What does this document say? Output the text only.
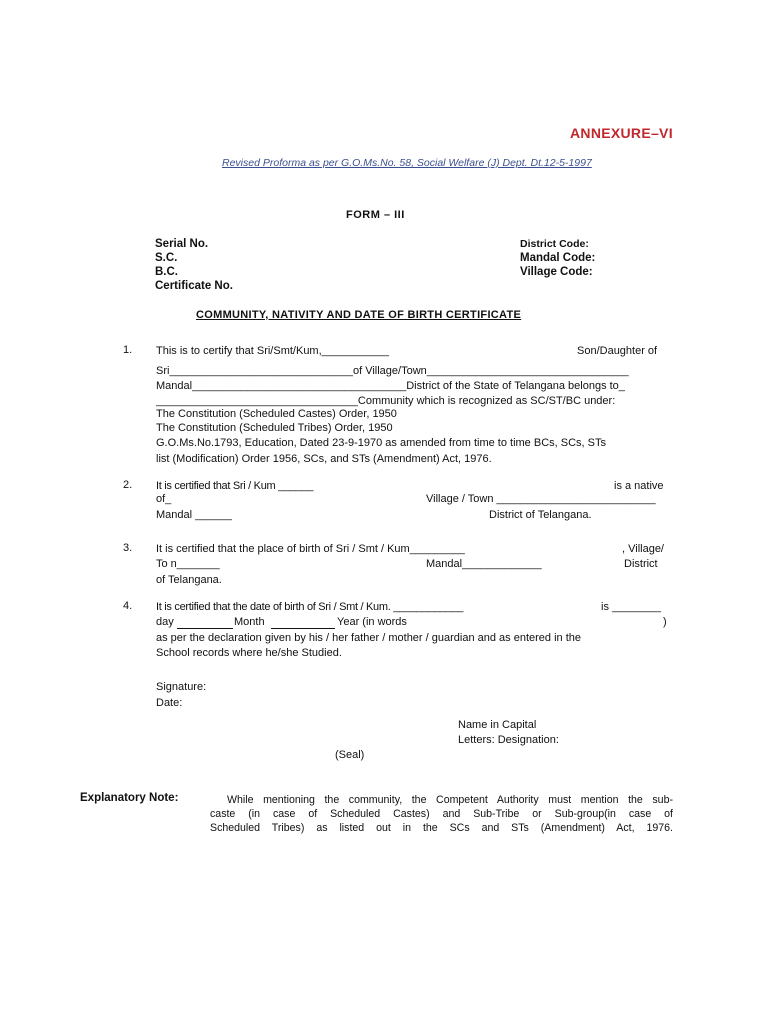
ANNEXURE–VI
Revised Proforma as per G.O.Ms.No. 58, Social Welfare (J) Dept. Dt.12-5-1997
FORM – III
Serial No.
S.C.
B.C.
Certificate No.
District Code:
Mandal Code:
Village Code:
COMMUNITY, NATIVITY AND DATE OF BIRTH CERTIFICATE
1. This is to certify that Sri/Smt/Kum,___________	Son/Daughter of
Sri______________________________of Village/Town_________________________________
Mandal___________________________________District of the State of Telangana belongs to_
_________________________________Community which is recognized as SC/ST/BC under:
The Constitution (Scheduled Castes) Order, 1950
The Constitution (Scheduled Tribes) Order, 1950
G.O.Ms.No.1793, Education, Dated 23-9-1970 as amended from time to time BCs, SCs, STs
list (Modification) Order 1956, SCs, and STs (Amendment) Act, 1976.
2. It is certified that Sri / Kum ______	is a native
of_	Village / Town __________________________
Mandal ______	District of Telangana.
3. It is certified that the place of birth of Sri / Smt / Kum_________	, Village/
To n_______	Mandal_____________	District
of Telangana.
4. It is certified that the date of birth of Sri / Smt / Kum. ____________	is ________
day	Month	Year (in words	)
as per the declaration given by his / her father / mother / guardian and as entered in the
School records where he/she Studied.
Signature:
Date:
Name in Capital
Letters: Designation:
(Seal)
Explanatory Note:	While mentioning the community, the Competent Authority must mention the sub-
caste (in case of Scheduled Castes) and Sub-Tribe or Sub-group(in case of
Scheduled Tribes) as listed out in the SCs and STs (Amendment) Act, 1976.
